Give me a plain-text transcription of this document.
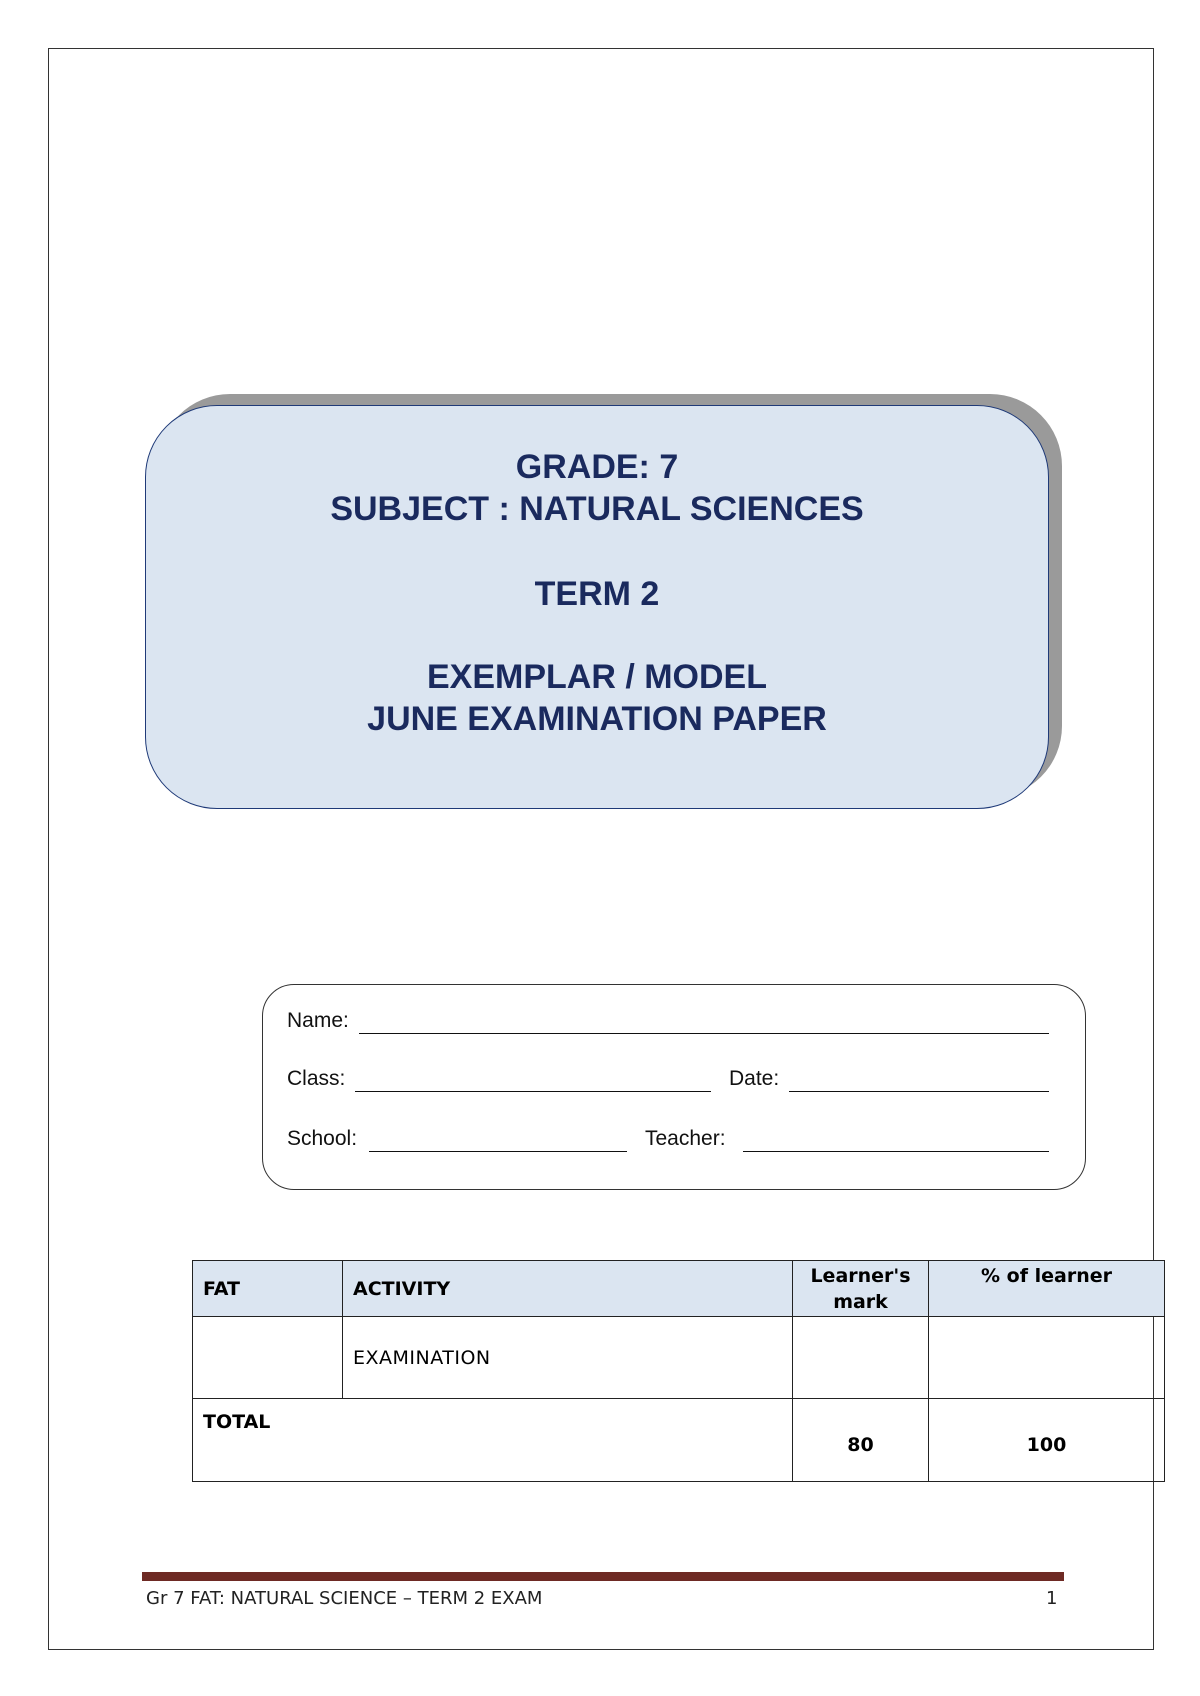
GRADE: 7
SUBJECT : NATURAL SCIENCES
TERM 2
EXEMPLAR / MODEL
JUNE EXAMINATION PAPER
Name:
Class:	Date:
School:	Teacher:
FAT	ACTIVITY	Learner's mark	% of learner
	EXAMINATION		
TOTAL		80	100
Gr 7 FAT: NATURAL SCIENCE – TERM 2 EXAM	1
